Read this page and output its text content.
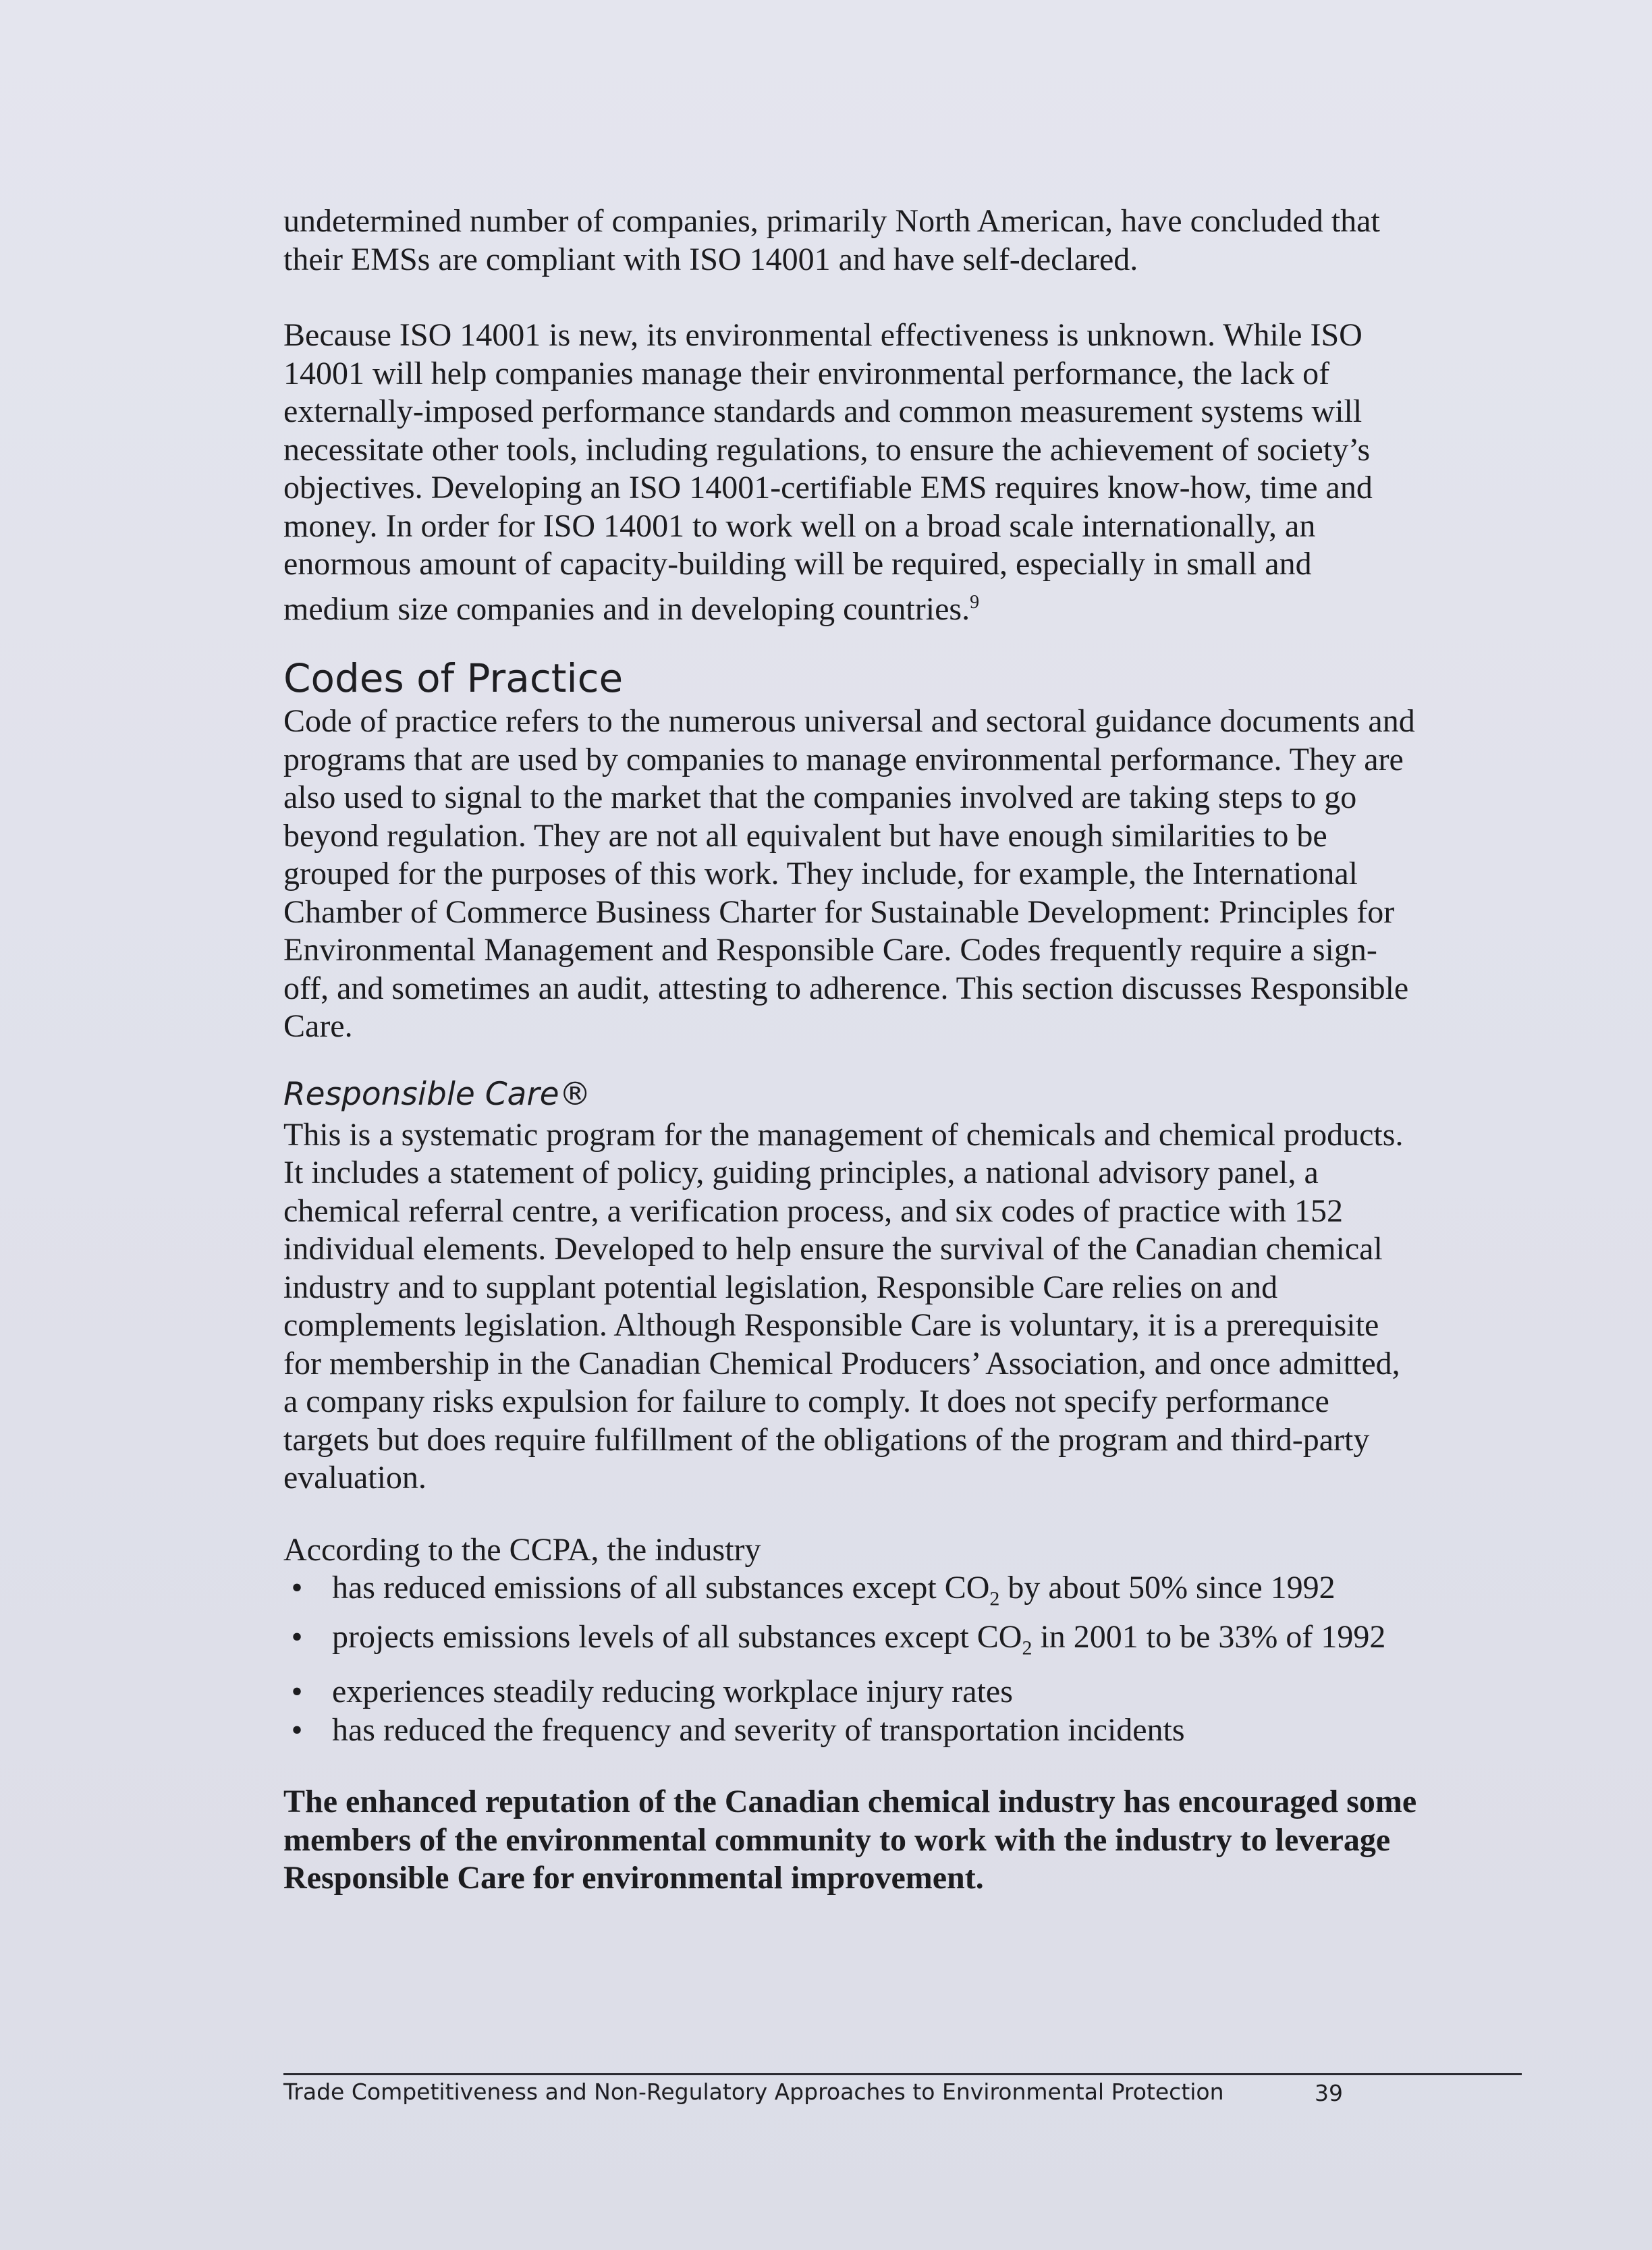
undetermined number of companies, primarily North American, have concluded that their EMSs are compliant with ISO 14001 and have self-declared.

Because ISO 14001 is new, its environmental effectiveness is unknown. While ISO 14001 will help companies manage their environmental performance, the lack of externally-imposed performance standards and common measurement systems will necessitate other tools, including regulations, to ensure the achievement of society’s objectives. Developing an ISO 14001-certifiable EMS requires know-how, time and money. In order for ISO 14001 to work well on a broad scale internationally, an enormous amount of capacity-building will be required, especially in small and medium size companies and in developing countries.$^9$

Codes of Practice

Code of practice refers to the numerous universal and sectoral guidance documents and programs that are used by companies to manage environmental performance. They are also used to signal to the market that the companies involved are taking steps to go beyond regulation. They are not all equivalent but have enough similarities to be grouped for the purposes of this work. They include, for example, the International Chamber of Commerce Business Charter for Sustainable Development: Principles for Environmental Management and Responsible Care. Codes frequently require a sign-off, and sometimes an audit, attesting to adherence. This section discusses Responsible Care.

Responsible Care®

This is a systematic program for the management of chemicals and chemical products. It includes a statement of policy, guiding principles, a national advisory panel, a chemical referral centre, a verification process, and six codes of practice with 152 individual elements. Developed to help ensure the survival of the Canadian chemical industry and to supplant potential legislation, Responsible Care relies on and complements legislation. Although Responsible Care is voluntary, it is a prerequisite for membership in the Canadian Chemical Producers’ Association, and once admitted, a company risks expulsion for failure to comply. It does not specify performance targets but does require fulfillment of the obligations of the program and third-party evaluation.

According to the CCPA, the industry

• has reduced emissions of all substances except $CO_2$ by about 50% since 1992
• projects emissions levels of all substances except $CO_2$ in 2001 to be 33% of 1992
• experiences steadily reducing workplace injury rates
• has reduced the frequency and severity of transportation incidents

The enhanced reputation of the Canadian chemical industry has encouraged some members of the environmental community to work with the industry to leverage Responsible Care for environmental improvement.

Trade Competitiveness and Non-Regulatory Approaches to Environmental Protection	39
